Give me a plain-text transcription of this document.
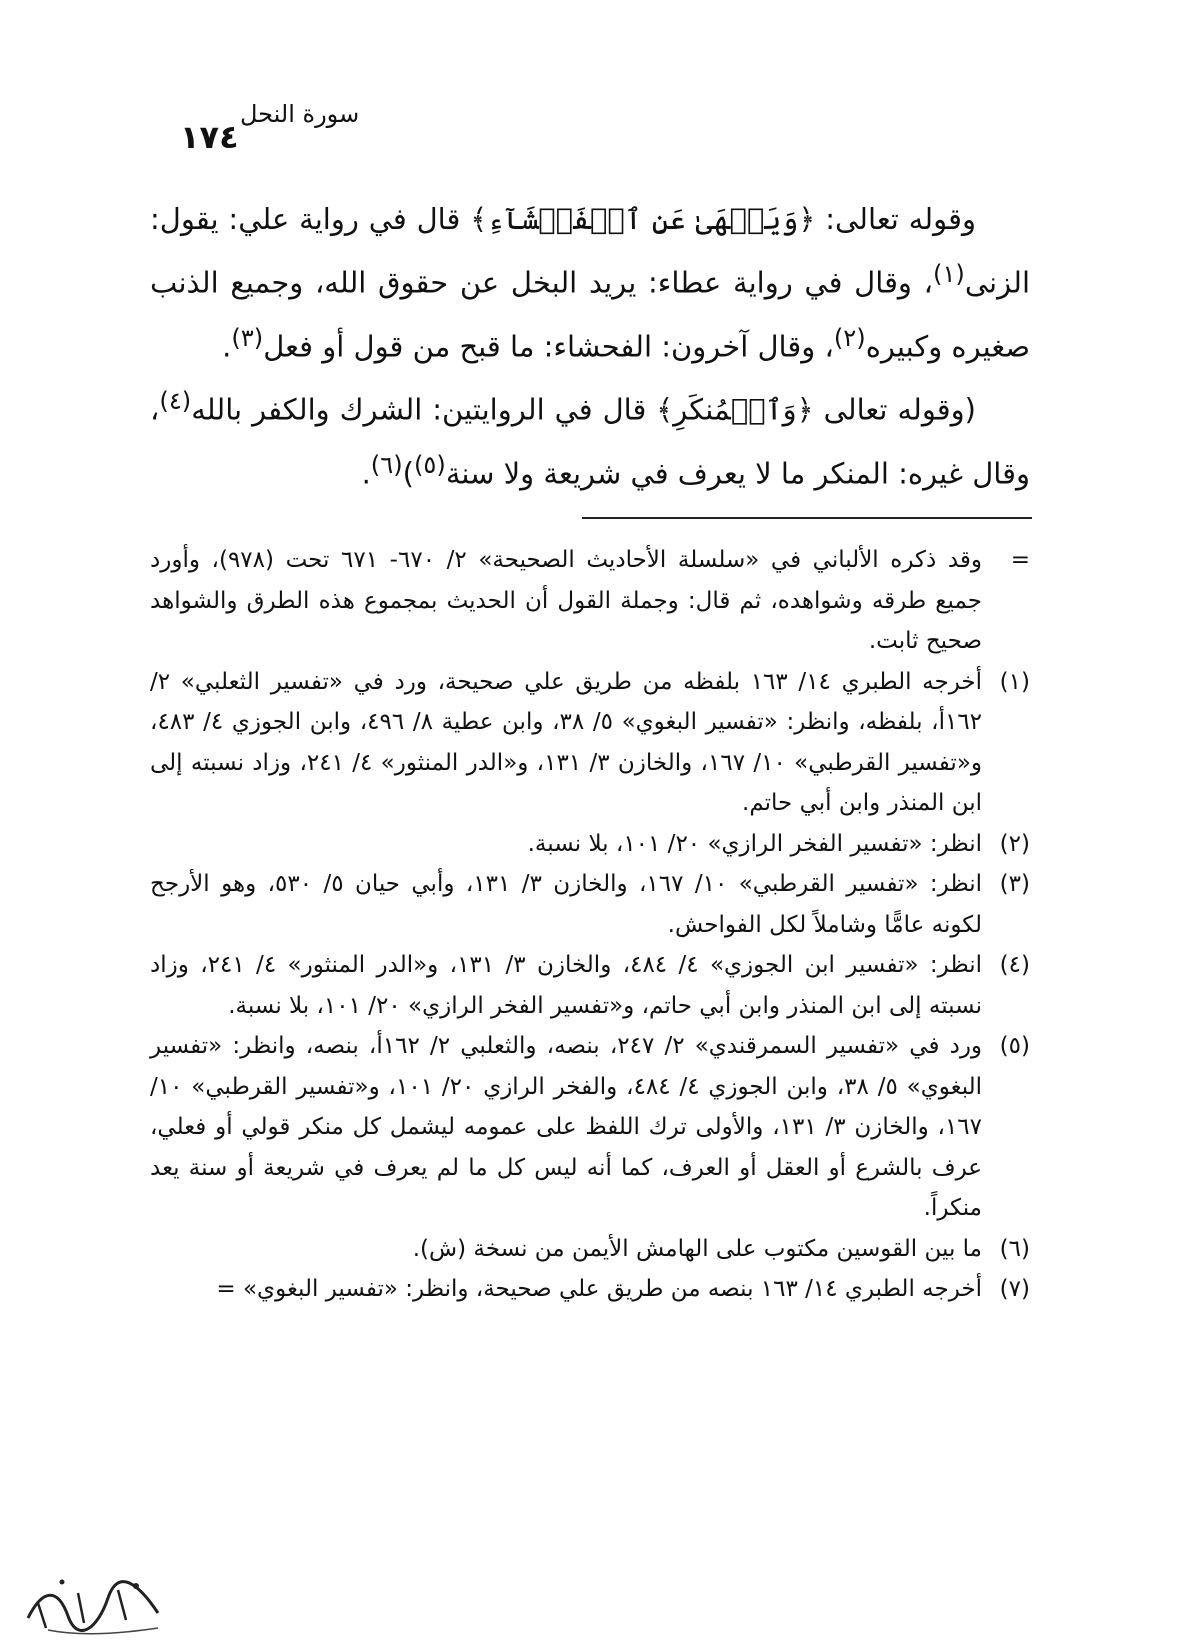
١٧٤
سورة النحل

وقوله تعالى: ﴿وَيَنۡهَىٰ عَنِ ٱلۡفَحۡشَآءِ﴾ قال في رواية علي: يقول: الزنى$^{(١)}$، وقال في رواية عطاء: يريد البخل عن حقوق الله، وجميع الذنب صغيره وكبيره$^{(٢)}$، وقال آخرون: الفحشاء: ما قبح من قول أو فعل$^{(٣)}$.

(وقوله تعالى ﴿وَٱلۡمُنكَرِ﴾ قال في الروايتين: الشرك والكفر بالله$^{(٤)}$، وقال غيره: المنكر ما لا يعرف في شريعة ولا سنة$^{(٥)}$)$^{(٦)}$.

=
وقد ذكره الألباني في «سلسلة الأحاديث الصحيحة» ٢/ ٦٧٠- ٦٧١ تحت (٩٧٨)، وأورد جميع طرقه وشواهده، ثم قال: وجملة القول أن الحديث بمجموع هذه الطرق والشواهد صحيح ثابت.
(١)
أخرجه الطبري ١٤/ ١٦٣ بلفظه من طريق علي صحيحة، ورد في «تفسير الثعلبي» ٢/ ١٦٢أ، بلفظه، وانظر: «تفسير البغوي» ٥/ ٣٨، وابن عطية ٨/ ٤٩٦، وابن الجوزي ٤/ ٤٨٣، و«تفسير القرطبي» ١٠/ ١٦٧، والخازن ٣/ ١٣١، و«الدر المنثور» ٤/ ٢٤١، وزاد نسبته إلى ابن المنذر وابن أبي حاتم.
(٢)
انظر: «تفسير الفخر الرازي» ٢٠/ ١٠١، بلا نسبة.
(٣)
انظر: «تفسير القرطبي» ١٠/ ١٦٧، والخازن ٣/ ١٣١، وأبي حيان ٥/ ٥٣٠، وهو الأرجح لكونه عامًّا وشاملاً لكل الفواحش.
(٤)
انظر: «تفسير ابن الجوزي» ٤/ ٤٨٤، والخازن ٣/ ١٣١، و«الدر المنثور» ٤/ ٢٤١، وزاد نسبته إلى ابن المنذر وابن أبي حاتم، و«تفسير الفخر الرازي» ٢٠/ ١٠١، بلا نسبة.
(٥)
ورد في «تفسير السمرقندي» ٢/ ٢٤٧، بنصه، والثعلبي ٢/ ١٦٢أ، بنصه، وانظر: «تفسير البغوي» ٥/ ٣٨، وابن الجوزي ٤/ ٤٨٤، والفخر الرازي ٢٠/ ١٠١، و«تفسير القرطبي» ١٠/ ١٦٧، والخازن ٣/ ١٣١، والأولى ترك اللفظ على عمومه ليشمل كل منكر قولي أو فعلي، عرف بالشرع أو العقل أو العرف، كما أنه ليس كل ما لم يعرف في شريعة أو سنة يعد منكراً.
(٦)
ما بين القوسين مكتوب على الهامش الأيمن من نسخة (ش).
(٧)
أخرجه الطبري ١٤/ ١٦٣ بنصه من طريق علي صحيحة، وانظر: «تفسير البغوي» =
